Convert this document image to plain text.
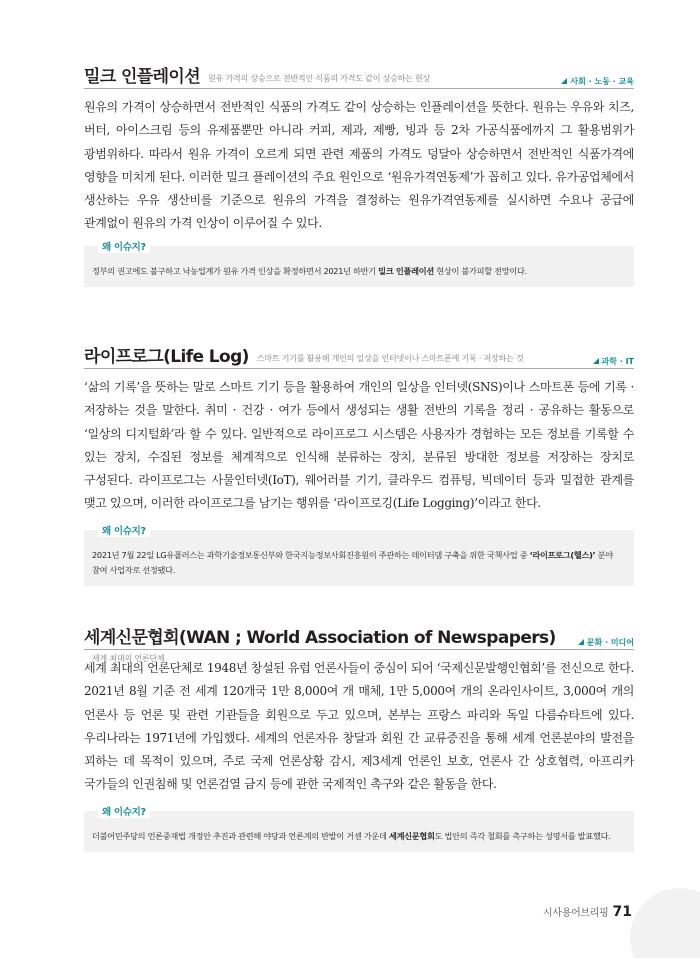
밀크 인플레이션 원유 가격의 상승으로 전반적인 식품의 가격도 같이 상승하는 현상	사회 · 노동 · 교육

원유의 가격이 상승하면서 전반적인 식품의 가격도 같이 상승하는 인플레이션을 뜻한다. 원유는 우유와 치즈, 버터, 아이스크림 등의 유제품뿐만 아니라 커피, 제과, 제빵, 빙과 등 2차 가공식품에까지 그 활용범위가 광범위하다. 따라서 원유 가격이 오르게 되면 관련 제품의 가격도 덩달아 상승하면서 전반적인 식품가격에 영향을 미치게 된다. 이러한 밀크 플레이션의 주요 원인으로 ‘원유가격연동제’가 꼽히고 있다. 유가공업체에서 생산하는 우유 생산비를 기준으로 원유의 가격을 결정하는 원유가격연동제를 실시하면 수요나 공급에 관계없이 원유의 가격 인상이 이루어질 수 있다.

왜 이슈지?

정부의 권고에도 불구하고 낙농업계가 원유 가격 인상을 확정하면서 2021년 하반기 밀크 인플레이션 현상이 불가피할 전망이다.

라이프로그(Life Log) 스마트 기기를 활용해 개인의 일상을 인터넷이나 스마트폰에 기록 · 저장하는 것	과학 · IT

‘삶의 기록’을 뜻하는 말로 스마트 기기 등을 활용하여 개인의 일상을 인터넷(SNS)이나 스마트폰 등에 기록 · 저장하는 것을 말한다. 취미 · 건강 · 여가 등에서 생성되는 생활 전반의 기록을 정리 · 공유하는 활동으로 ‘일상의 디지털화’라 할 수 있다. 일반적으로 라이프로그 시스템은 사용자가 경험하는 모든 정보를 기록할 수 있는 장치, 수집된 정보를 체계적으로 인식해 분류하는 장치, 분류된 방대한 정보를 저장하는 장치로 구성된다. 라이프로그는 사물인터넷(IoT), 웨어러블 기기, 클라우드 컴퓨팅, 빅데이터 등과 밀접한 관계를 맺고 있으며, 이러한 라이프로그를 남기는 행위를 ‘라이프로깅(Life Logging)’이라고 한다.

왜 이슈지?

2021년 7월 22일 LG유플러스는 과학기술정보통신부와 한국지능정보사회진흥원이 주관하는 데이터댐 구축을 위한 국책사업 중 ‘라이프로그(헬스)’ 분야 참여 사업자로 선정됐다.

세계신문협회(WAN ; World Association of Newspapers)세계 최대의 언론단체
문화 · 미디어

세계 최대의 언론단체로 1948년 창설된 유럽 언론사들이 중심이 되어 ‘국제신문발행인협회’를 전신으로 한다. 2021년 8월 기준 전 세계 120개국 1만 8,000여 개 매체, 1만 5,000여 개의 온라인사이트, 3,000여 개의 언론사 등 언론 및 관련 기관들을 회원으로 두고 있으며, 본부는 프랑스 파리와 독일 다름슈타트에 있다. 우리나라는 1971년에 가입했다. 세계의 언론자유 창달과 회원 간 교류증진을 통해 세계 언론분야의 발전을 꾀하는 데 목적이 있으며, 주로 국제 언론상황 감시, 제3세계 언론인 보호, 언론사 간 상호협력, 아프리카 국가들의 인권침해 및 언론검열 금지 등에 관한 국제적인 촉구와 같은 활동을 한다.

왜 이슈지?

더불어민주당의 언론중재법 개정안 추진과 관련해 야당과 언론계의 반발이 거센 가운데 세계신문협회도 법안의 즉각 철회를 촉구하는 성명서를 발표했다.

시사용어브리핑 71
